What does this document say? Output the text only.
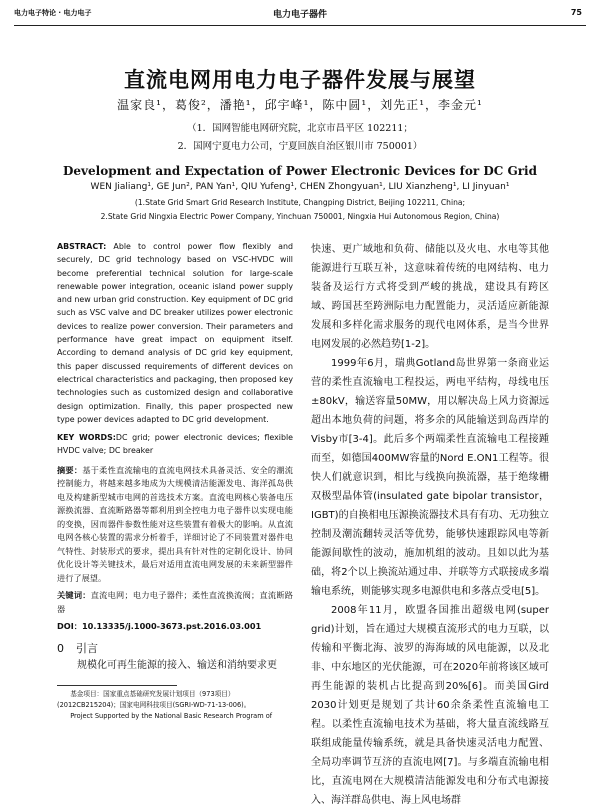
电力电子特论 · 电力电子	电力电子器件	75
直流电网用电力电子器件发展与展望
温家良¹，葛俊²，潘艳¹，邱宇峰¹，陈中圆¹，刘先正¹，李金元¹
（1．国网智能电网研究院，北京市昌平区 102211；
2．国网宁夏电力公司，宁夏回族自治区银川市 750001）
Development and Expectation of Power Electronic Devices for DC Grid
WEN Jialiang¹, GE Jun², PAN Yan¹, QIU Yufeng¹, CHEN Zhongyuan¹, LIU Xianzheng¹, LI Jinyuan¹
(1.State Grid Smart Grid Research Institute, Changping District, Beijing 102211, China;
2.State Grid Ningxia Electric Power Company, Yinchuan 750001, Ningxia Hui Autonomous Region, China)

ABSTRACT: Able to control power flow flexibly and securely, DC grid technology based on VSC-HVDC will become preferential technical solution for large-scale renewable power integration, oceanic island power supply and new urban grid construction. Key equipment of DC grid such as VSC valve and DC breaker utilizes power electronic devices to realize power conversion. Their parameters and performance have great impact on equipment itself. According to demand analysis of DC grid key equipment, this paper discussed requirements of different devices on electrical characteristics and packaging, then proposed key technologies such as customized design and collaborative design optimization. Finally, this paper prospected new type power devices adapted to DC grid development.

KEY WORDS:DC grid; power electronic devices; flexible HVDC valve; DC breaker

摘要：基于柔性直流输电的直流电网技术具备灵活、安全的潮流控制能力，将越来越多地成为大规模清洁能源发电、海洋孤岛供电及构建新型城市电网的首选技术方案。直流电网核心装备电压源换流器、直流断路器等都利用到全控电力电子器件以实现电能的变换，因而器件参数性能对这些装置有着极大的影响。从直流电网各核心装置的需求分析着手，详细讨论了不同装置对器件电气特性、封装形式的要求，提出具有针对性的定制化设计、协同优化设计等关键技术，最后对适用直流电网发展的未来新型器件进行了展望。

关键词：直流电网；电力电子器件；柔性直流换流阀；直流断路器

DOI：10.13335/j.1000-3673.pst.2016.03.001

0 引言

规模化可再生能源的接入、输送和消纳要求更

快速、更广域地和负荷、储能以及火电、水电等其他能源进行互联互补，这意味着传统的电网结构、电力装备及运行方式将受到严峻的挑战，建设具有跨区域、跨国甚至跨洲际电力配置能力，灵活适应新能源发展和多样化需求服务的现代电网体系，是当今世界电网发展的必然趋势[1-2]。

1999年6月，瑞典Gotland岛世界第一条商业运营的柔性直流输电工程投运，两电平结构，母线电压±80kV，输送容量50MW，用以解决岛上风力资源远超出本地负荷的问题，将多余的风能输送到岛西岸的Visby市[3-4]。此后多个两端柔性直流输电工程接踵而至，如德国400MW容量的Nord E.ON1工程等。很快人们就意识到，相比与线换向换流器，基于绝缘栅双极型晶体管(insulated gate bipolar transistor，IGBT)的自换相电压源换流器技术具有有功、无功独立控制及潮流翻转灵活等优势，能够快速跟踪风电等新能源间歇性的波动，施加机组的波动。且如以此为基础，将2个以上换流站通过串、并联等方式联接成多端输电系统，则能够实现多电源供电和多落点受电[5]。

2008年11月，欧盟各国推出超级电网(super grid)计划，旨在通过大规模直流形式的电力互联，以传输和平衡北海、波罗的海海域的风电能源，以及北非、中东地区的光伏能源，可在2020年前将该区域可再生能源的装机占比提高到20%[6]。而美国Gird 2030计划更是规划了共计60余条柔性直流输电工程。以柔性直流输电技术为基础，将大量直流线路互联组成能量传输系统，就是具备快速灵活电力配置、全局功率调节互济的直流电网[7]。与多端直流输电相比，直流电网在大规模清洁能源发电和分布式电源接入、海洋群岛供电、海上风电场群

基金项目：国家重点基础研究发展计划项目（973项目）(2012CB215204)；国家电网科技项目(SGRI-WD-71-13-006)。

Project Supported by the National Basic Research Program of
